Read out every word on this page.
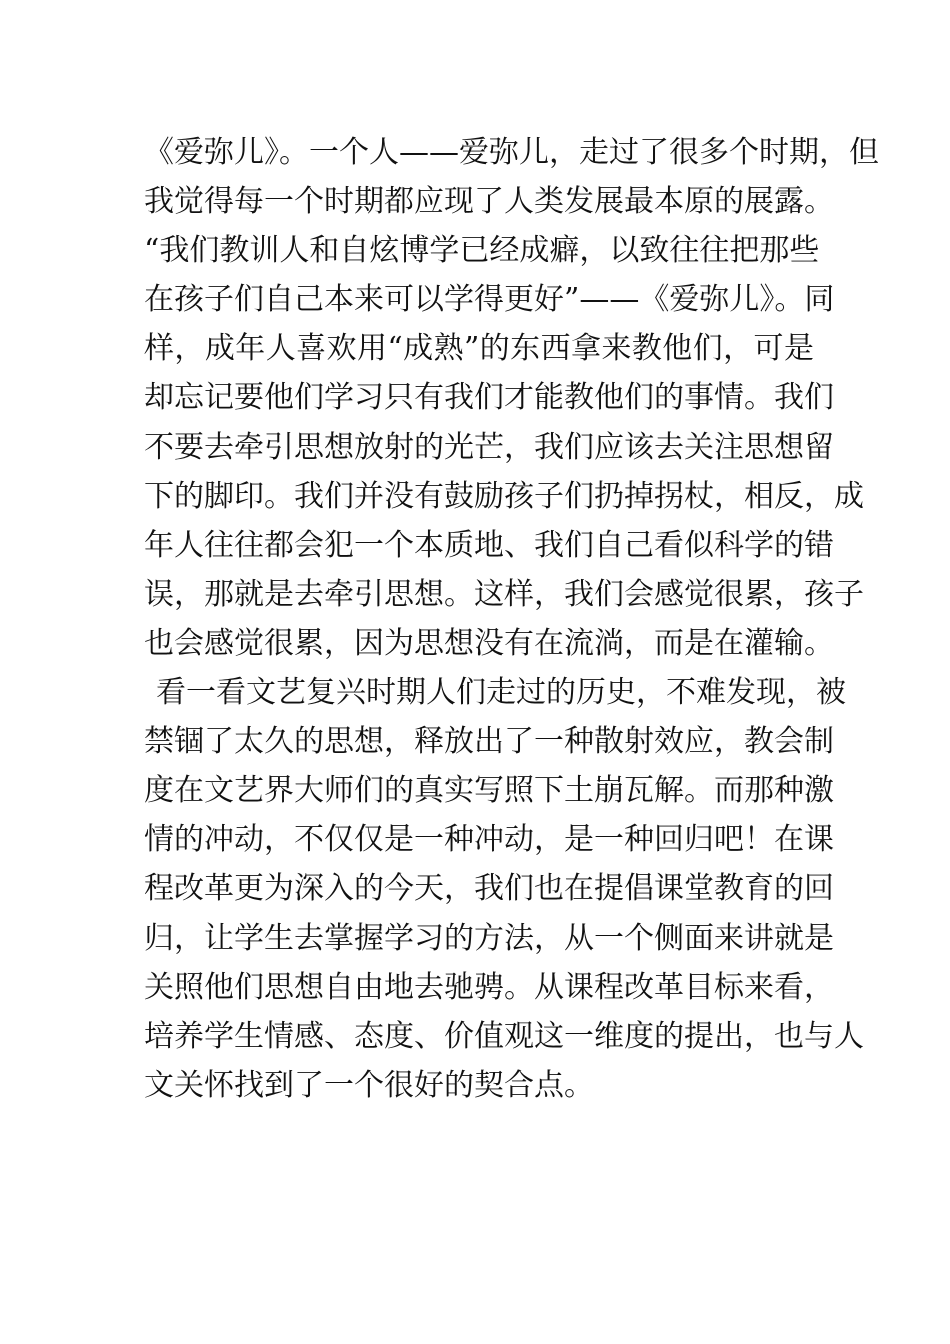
《爱弥儿》。一个人——爱弥儿，走过了很多个时期，但
我觉得每一个时期都应现了人类发展最本原的展露。
“我们教训人和自炫博学已经成癖，以致往往把那些
在孩子们自己本来可以学得更好”——《爱弥儿》。同
样，成年人喜欢用“成熟”的东西拿来教他们，可是
却忘记要他们学习只有我们才能教他们的事情。我们
不要去牵引思想放射的光芒，我们应该去关注思想留
下的脚印。我们并没有鼓励孩子们扔掉拐杖，相反，成
年人往往都会犯一个本质地、我们自己看似科学的错
误，那就是去牵引思想。这样，我们会感觉很累，孩子
也会感觉很累，因为思想没有在流淌，而是在灌输。
看一看文艺复兴时期人们走过的历史，不难发现，被
禁锢了太久的思想，释放出了一种散射效应，教会制
度在文艺界大师们的真实写照下土崩瓦解。而那种激
情的冲动，不仅仅是一种冲动，是一种回归吧！在课
程改革更为深入的今天，我们也在提倡课堂教育的回
归，让学生去掌握学习的方法，从一个侧面来讲就是
关照他们思想自由地去驰骋。从课程改革目标来看，
培养学生情感、态度、价值观这一维度的提出，也与人
文关怀找到了一个很好的契合点。
